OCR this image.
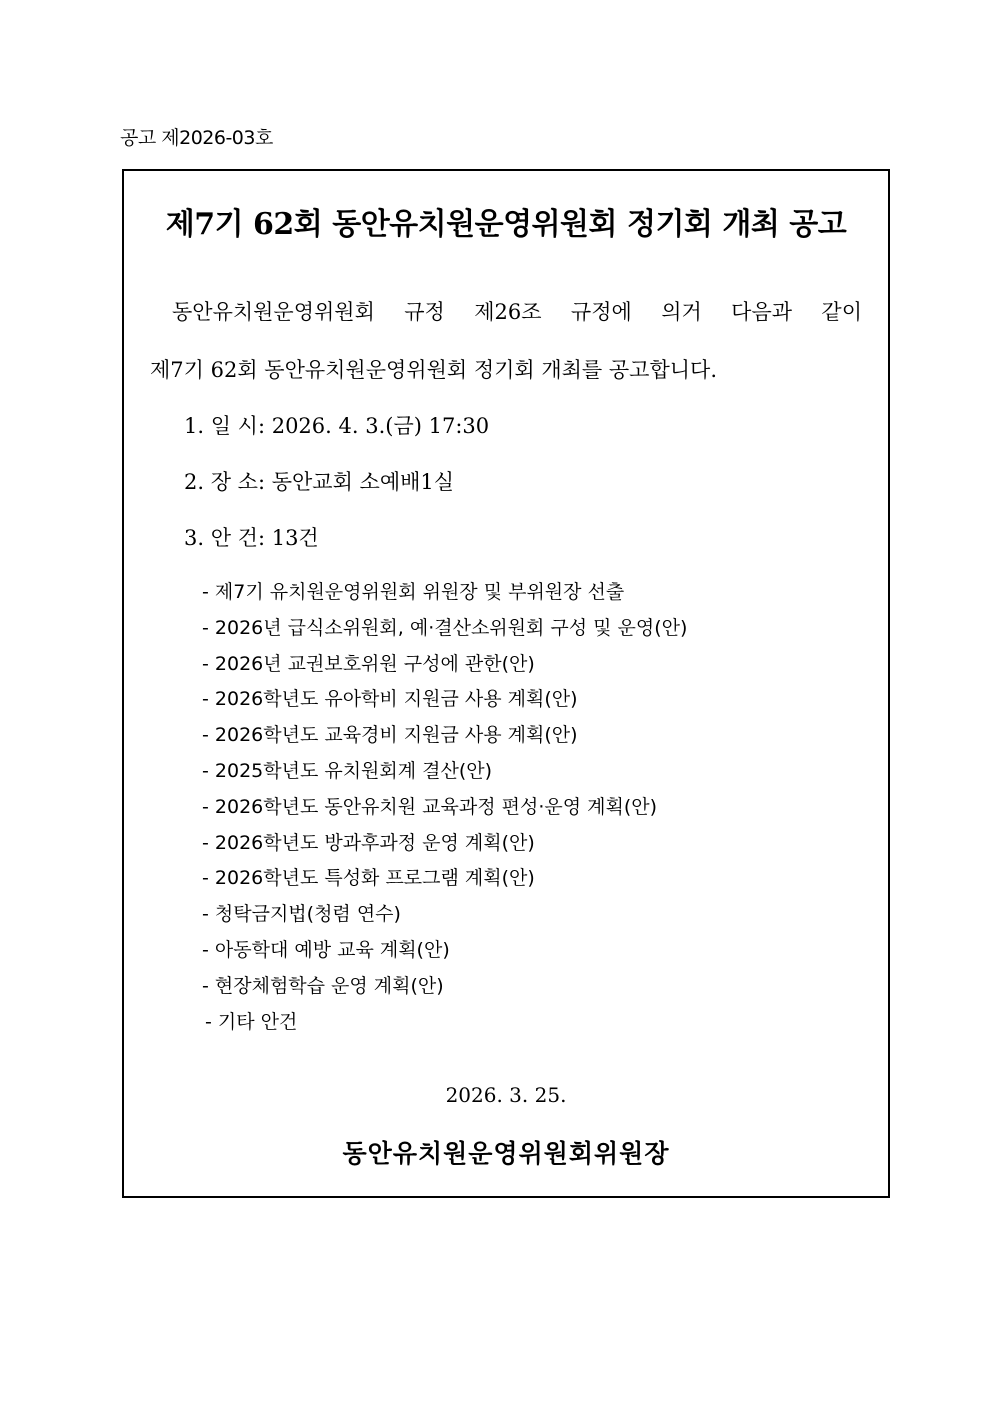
공고 제2026-03호
제7기 62회 동안유치원운영위원회 정기회 개최 공고
동안유치원운영위원회 규정 제26조 규정에 의거 다음과 같이
제7기 62회 동안유치원운영위원회 정기회 개최를 공고합니다.
1. 일 시: 2026. 4. 3.(금) 17:30
2. 장 소: 동안교회 소예배1실
3. 안 건: 13건
- 제7기 유치원운영위원회 위원장 및 부위원장 선출
- 2026년 급식소위원회, 예·결산소위원회 구성 및 운영(안)
- 2026년 교권보호위원 구성에 관한(안)
- 2026학년도 유아학비 지원금 사용 계획(안)
- 2026학년도 교육경비 지원금 사용 계획(안)
- 2025학년도 유치원회계 결산(안)
- 2026학년도 동안유치원 교육과정 편성·운영 계획(안)
- 2026학년도 방과후과정 운영 계획(안)
- 2026학년도 특성화 프로그램 계획(안)
- 청탁금지법(청렴 연수)
- 아동학대 예방 교육 계획(안)
- 현장체험학습 운영 계획(안)
- 기타 안건
2026. 3. 25.
동안유치원운영위원회위원장
